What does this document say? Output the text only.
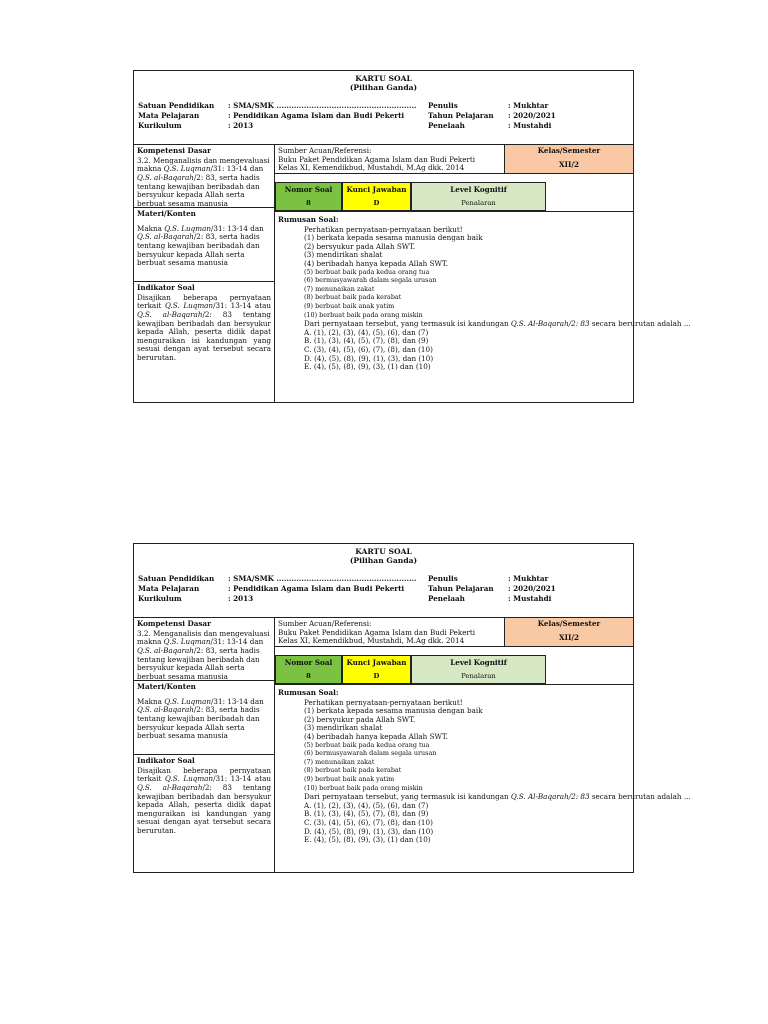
KARTU SOAL
(Pilihan Ganda)
Satuan Pendidikan	: SMA/SMK ........................................................
Mata Pelajaran	: Pendidikan Agama Islam dan Budi Pekerti
Kurikulum	: 2013
Penulis	: Mukhtar
Tahun Pelajaran	: 2020/2021
Penelaah	: Mustahdi
Kompetensi Dasar
3.2. Menganalisis dan mengevaluasi makna Q.S. Luqman/31: 13-14 dan Q.S. al-Baqarah/2: 83, serta hadis tentang kewajiban beribadah dan bersyukur kepada Allah serta berbuat sesama manusia
Materi/Konten
Makna Q.S. Luqman/31: 13-14 dan Q.S. al-Baqarah/2: 83, serta hadis tentang kewajiban beribadah dan bersyukur kepada Allah serta berbuat sesama manusia
Indikator Soal
Disajikan beberapa pernyataan terkait Q.S. Luqman/31: 13-14 atau Q.S. al-Baqarah/2: 83 tentang kewajiban beribadah dan bersyukur kepada Allah, peserta didik dapat menguraikan isi kandungan yang sesuai dengan ayat tersebut secara berurutan.
Sumber Acuan/Referensi:
Buku Paket Pendidikan Agama Islam dan Budi Pekerti
Kelas XI, Kemendikbud, Mustahdi, M.Ag dkk. 2014
Kelas/Semester
XII/2
Nomor Soal
8
Kunci Jawaban
D
Level Kognitif
Penalaran
Rumusan Soal:
Perhatikan pernyataan-pernyataan berikut!
(1) berkata kepada sesama manusia dengan baik
(2) bersyukur pada Allah SWT.
(3) mendirikan shalat
(4) beribadah hanya kepada Allah SWT.
(5) berbuat baik pada kedua orang tua
(6) bermusyawarah dalam segala urusan
(7) menunaikan zakat
(8) berbuat baik pada kerabat
(9) berbuat baik anak yatim
(10) berbuat baik pada orang miskin
Dari pernyataan tersebut, yang termasuk isi kandungan Q.S. Al-Baqarah/2: 83 secara berurutan adalah ...
A. (1), (2), (3), (4), (5), (6), dan (7)
B. (1), (3), (4), (5), (7), (8), dan (9)
C. (3), (4), (5), (6), (7), (8), dan (10)
D. (4), (5), (8), (9), (1), (3), dan (10)
E. (4), (5), (8), (9), (3), (1) dan (10)
KARTU SOAL
(Pilihan Ganda)
Satuan Pendidikan	: SMA/SMK ........................................................
Mata Pelajaran	: Pendidikan Agama Islam dan Budi Pekerti
Kurikulum	: 2013
Penulis	: Mukhtar
Tahun Pelajaran	: 2020/2021
Penelaah	: Mustahdi
Kompetensi Dasar
3.2. Menganalisis dan mengevaluasi makna Q.S. Luqman/31: 13-14 dan Q.S. al-Baqarah/2: 83, serta hadis tentang kewajiban beribadah dan bersyukur kepada Allah serta berbuat sesama manusia
Materi/Konten
Makna Q.S. Luqman/31: 13-14 dan Q.S. al-Baqarah/2: 83, serta hadis tentang kewajiban beribadah dan bersyukur kepada Allah serta berbuat sesama manusia
Indikator Soal
Disajikan beberapa pernyataan terkait Q.S. Luqman/31: 13-14 atau Q.S. al-Baqarah/2: 83 tentang kewajiban beribadah dan bersyukur kepada Allah, peserta didik dapat menguraikan isi kandungan yang sesuai dengan ayat tersebut secara berurutan.
Sumber Acuan/Referensi:
Buku Paket Pendidikan Agama Islam dan Budi Pekerti
Kelas XI, Kemendikbud, Mustahdi, M.Ag dkk. 2014
Kelas/Semester
XII/2
Nomor Soal
8
Kunci Jawaban
D
Level Kognitif
Penalaran
Rumusan Soal:
Perhatikan pernyataan-pernyataan berikut!
(1) berkata kepada sesama manusia dengan baik
(2) bersyukur pada Allah SWT.
(3) mendirikan shalat
(4) beribadah hanya kepada Allah SWT.
(5) berbuat baik pada kedua orang tua
(6) bermusyawarah dalam segala urusan
(7) menunaikan zakat
(8) berbuat baik pada kerabat
(9) berbuat baik anak yatim
(10) berbuat baik pada orang miskin
Dari pernyataan tersebut, yang termasuk isi kandungan Q.S. Al-Baqarah/2: 83 secara berurutan adalah ...
A. (1), (2), (3), (4), (5), (6), dan (7)
B. (1), (3), (4), (5), (7), (8), dan (9)
C. (3), (4), (5), (6), (7), (8), dan (10)
D. (4), (5), (8), (9), (1), (3), dan (10)
E. (4), (5), (8), (9), (3), (1) dan (10)
